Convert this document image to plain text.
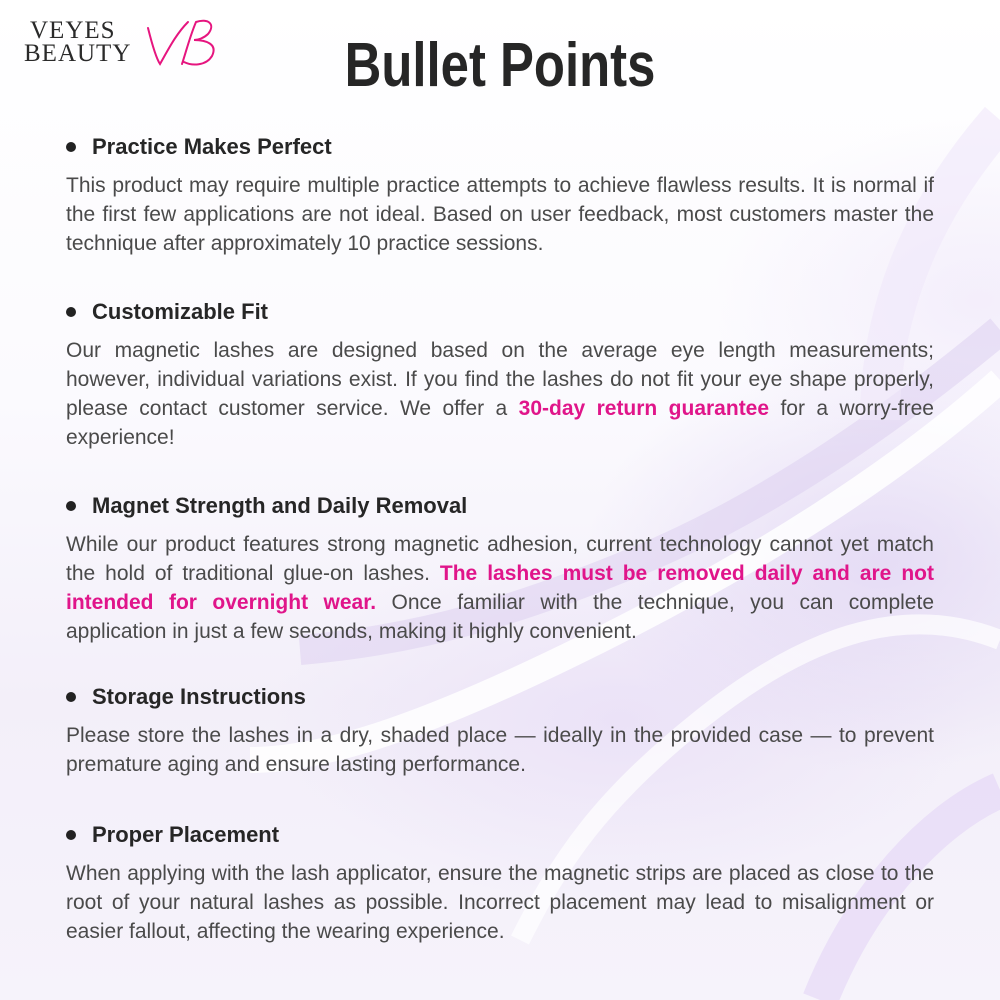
VEYES
BEAUTY	Bullet Points
Practice Makes Perfect
This product may require multiple practice attempts to achieve flawless results. It is normal if the first few applications are not ideal. Based on user feedback, most customers master the technique after approximately 10 practice sessions.
Customizable Fit
Our magnetic lashes are designed based on the average eye length measurements; however, individual variations exist. If you find the lashes do not fit your eye shape properly, please contact customer service. We offer a 30-day return guarantee for a worry-free experience!
Magnet Strength and Daily Removal
While our product features strong magnetic adhesion, current technology cannot yet match the hold of traditional glue-on lashes. The lashes must be removed daily and are not intended for overnight wear. Once familiar with the technique, you can complete application in just a few seconds, making it highly convenient.
Storage Instructions
Please store the lashes in a dry, shaded place — ideally in the provided case — to prevent premature aging and ensure lasting performance.
Proper Placement
When applying with the lash applicator, ensure the magnetic strips are placed as close to the root of your natural lashes as possible. Incorrect placement may lead to misalignment or easier fallout, affecting the wearing experience.
